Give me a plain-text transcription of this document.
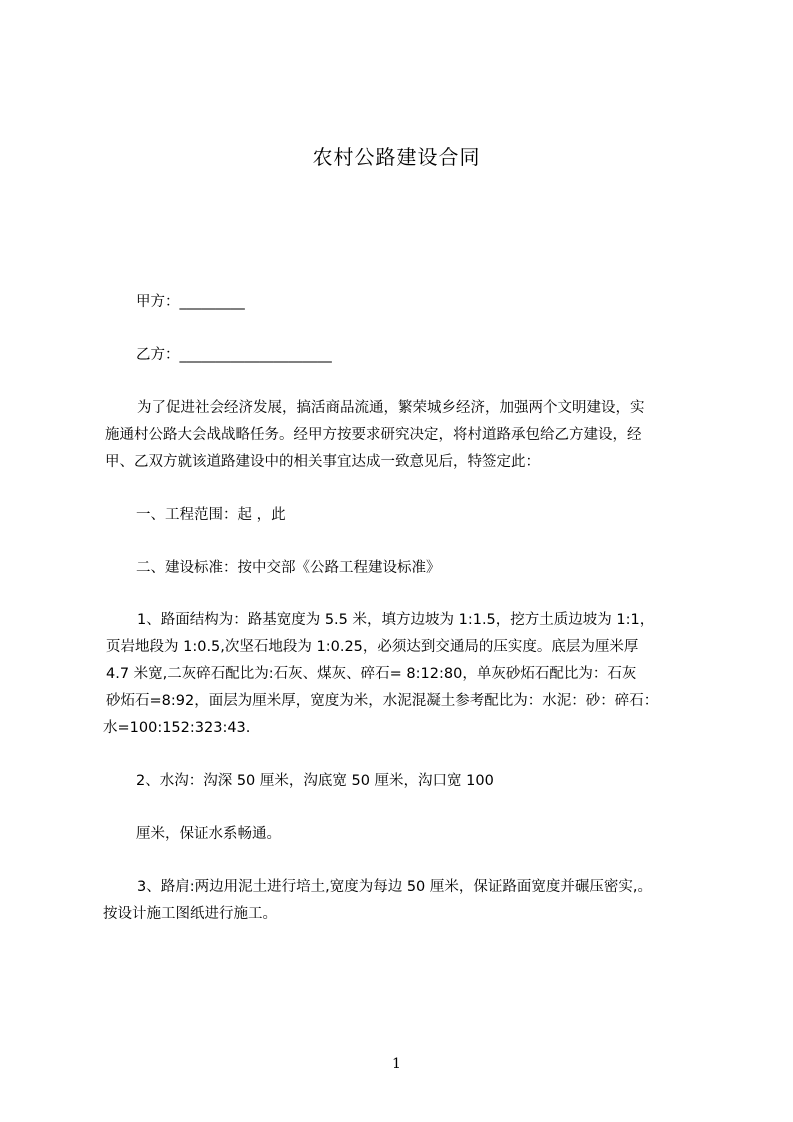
农村公路建设合同
甲方：_________
乙方：_____________________
为了促进社会经济发展，搞活商品流通，繁荣城乡经济，加强两个文明建设，实
施通村公路大会战战略任务。经甲方按要求研究决定，将村道路承包给乙方建设，经
甲、乙双方就该道路建设中的相关事宜达成一致意见后，特签定此：
一、工程范围：起 ，此
二、建设标准：按中交部《公路工程建设标准》
1、路面结构为：路基宽度为 5.5 米，填方边坡为 1:1.5，挖方土质边坡为 1:1，
页岩地段为 1:0.5,次坚石地段为 1:0.25，必须达到交通局的压实度。底层为厘米厚
4.7 米宽,二灰碎石配比为:石灰、煤灰、碎石= 8:12:80，单灰砂炻石配比为：石灰
砂炻石=8:92，面层为厘米厚，宽度为米，水泥混凝土参考配比为：水泥：砂：碎石：
水=100:152:323:43.
2、水沟：沟深 50 厘米，沟底宽 50 厘米，沟口宽 100
厘米，保证水系畅通。
3、路肩:两边用泥土进行培土,宽度为每边 50 厘米，保证路面宽度并碾压密实,。
按设计施工图纸进行施工。
1
